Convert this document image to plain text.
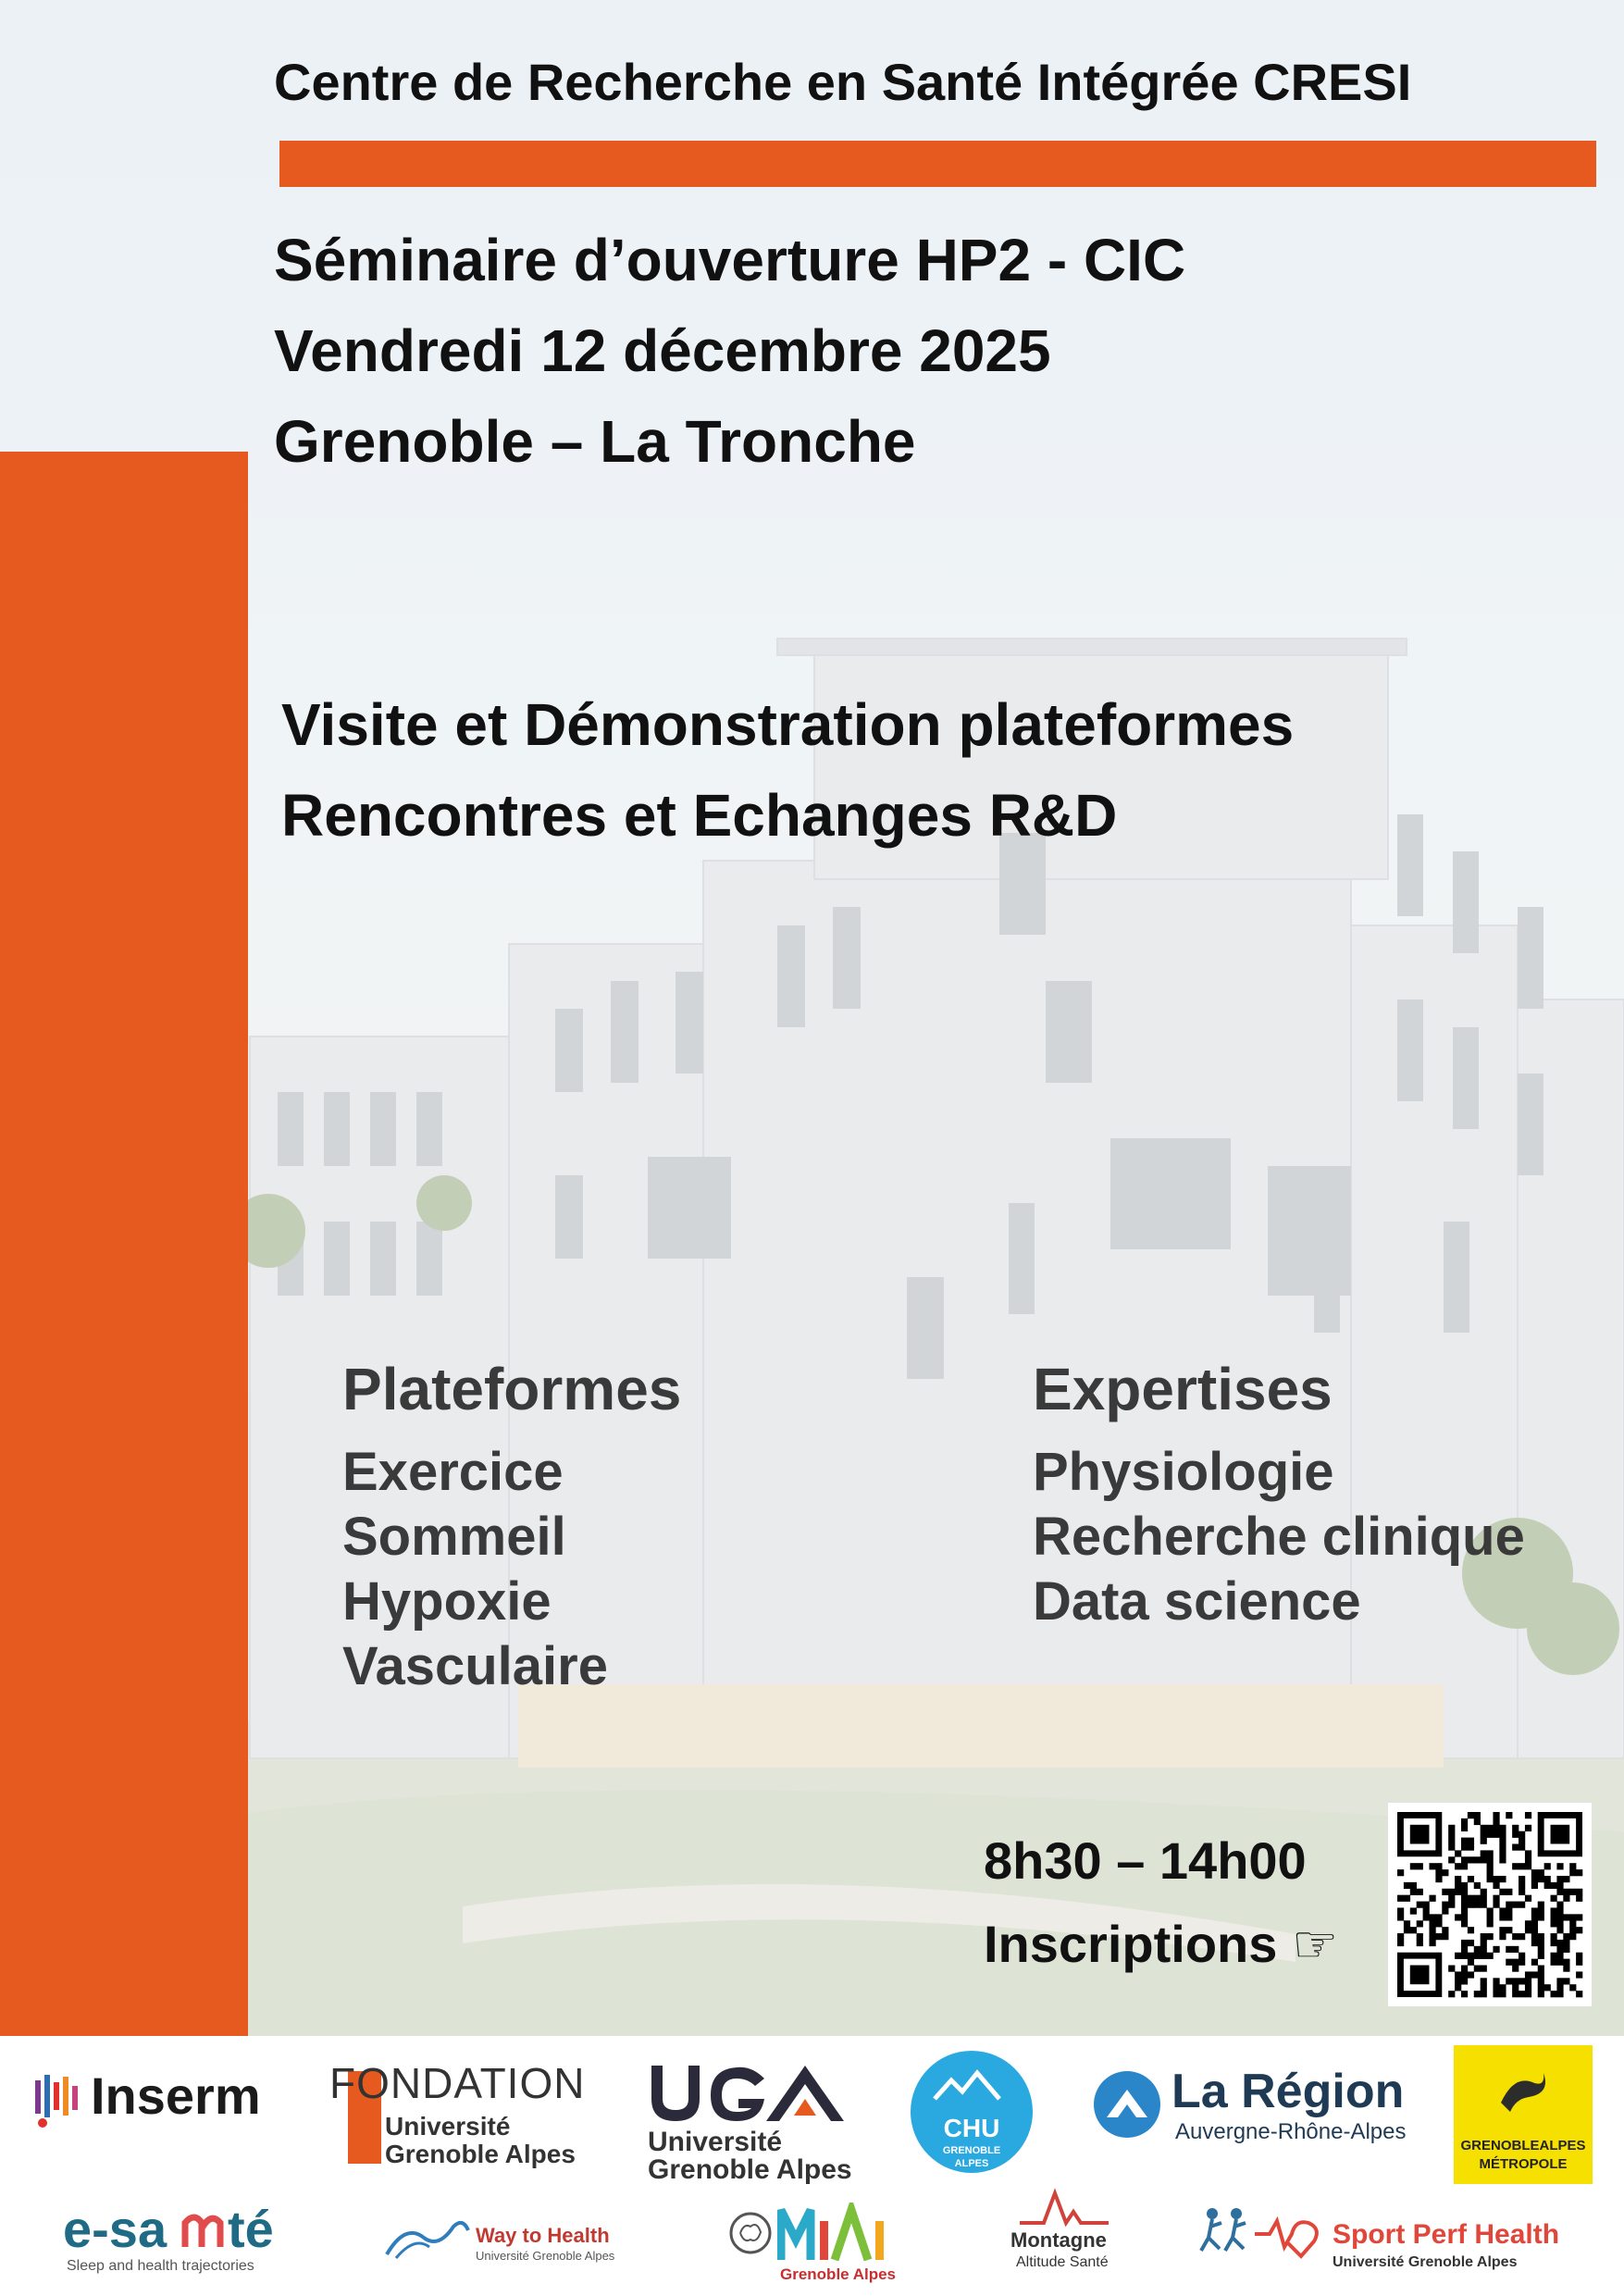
Centre de Recherche en Santé Intégrée CRESI
Séminaire d’ouverture HP2 - CIC
Vendredi 12 décembre 2025
Grenoble – La Tronche

Visite et Démonstration plateformes

Rencontres et Echanges R&D

Plateformes
Exercice
Sommeil
Hypoxie
Vasculaire
Expertises
Physiologie
Recherche clinique
Data science
8h30 – 14h00
Inscriptions ☞
Inserm FONDATION
Université
Grenoble Alpes	Université
Grenoble Alpes
CHU
GRENOBLE
ALPES
La Région
Auvergne-Rhône-Alpes
GRENOBLEALPES
MÉTROPOLE
e-sa té
Sleep and health trajectories
Way to Health
Université Grenoble Alpes
Grenoble Alpes
Montagne
Altitude Santé
Sport Perf Health
Université Grenoble Alpes
